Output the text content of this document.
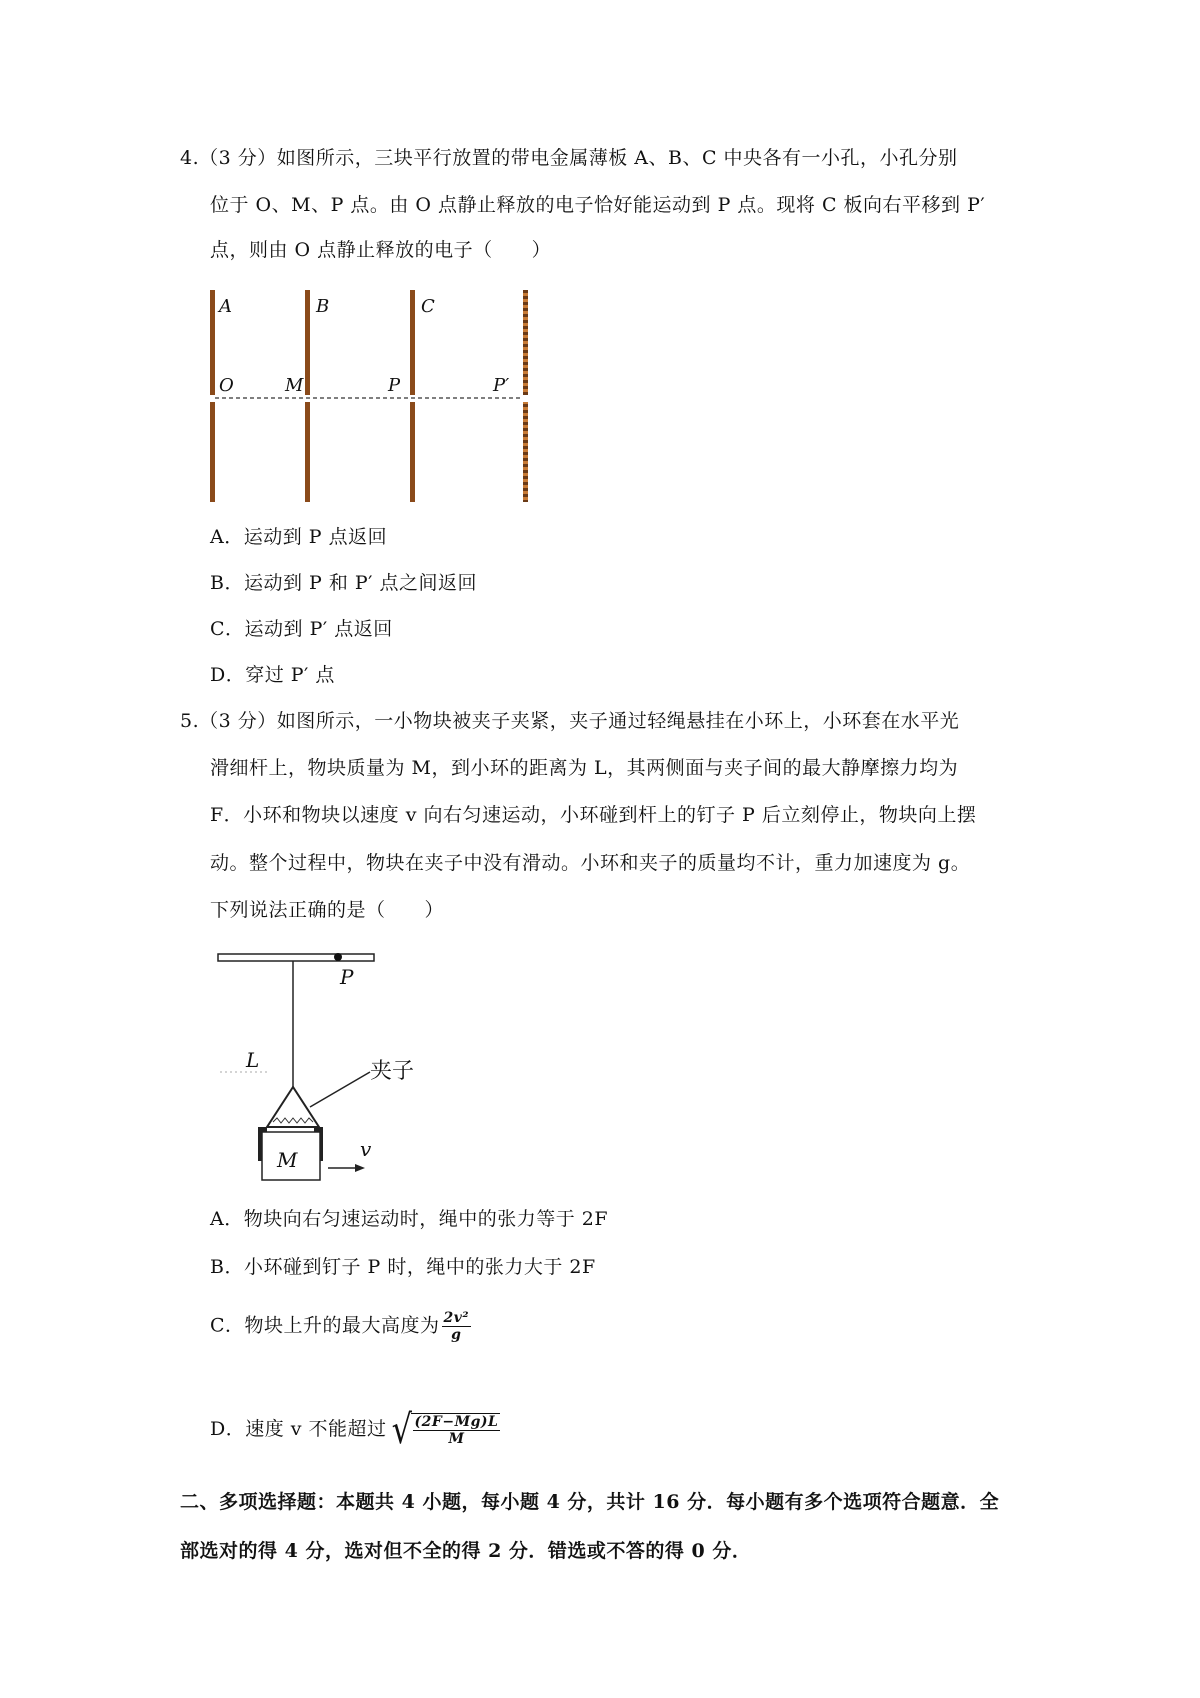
4.（3 分）如图所示，三块平行放置的带电金属薄板 A、B、C 中央各有一小孔，小孔分别
位于 O、M、P 点。由 O 点静止释放的电子恰好能运动到 P 点。现将 C 板向右平移到 P′
点，则由 O 点静止释放的电子（　　）
A	B	C
O	M	P	P′
A．运动到 P 点返回
B．运动到 P 和 P′ 点之间返回
C．运动到 P′ 点返回
D．穿过 P′ 点
5.（3 分）如图所示，一小物块被夹子夹紧，夹子通过轻绳悬挂在小环上，小环套在水平光
滑细杆上，物块质量为 M，到小环的距离为 L，其两侧面与夹子间的最大静摩擦力均为
F．小环和物块以速度 v 向右匀速运动，小环碰到杆上的钉子 P 后立刻停止，物块向上摆
动。整个过程中，物块在夹子中没有滑动。小环和夹子的质量均不计，重力加速度为 g。
下列说法正确的是（　　）
P
L	夹子
M	v
A．物块向右匀速运动时，绳中的张力等于 2F
B．小环碰到钉子 P 时，绳中的张力大于 2F
C．物块上升的最大高度为 $\frac{\text{2v²}}{g}$
D．速度 v 不能超过 √ $\frac{(2F-Mg)L}{M}$
二、多项选择题：本题共 4 小题，每小题 4 分，共计 16 分．每小题有多个选项符合题意．全
部选对的得 4 分，选对但不全的得 2 分．错选或不答的得 0 分．
